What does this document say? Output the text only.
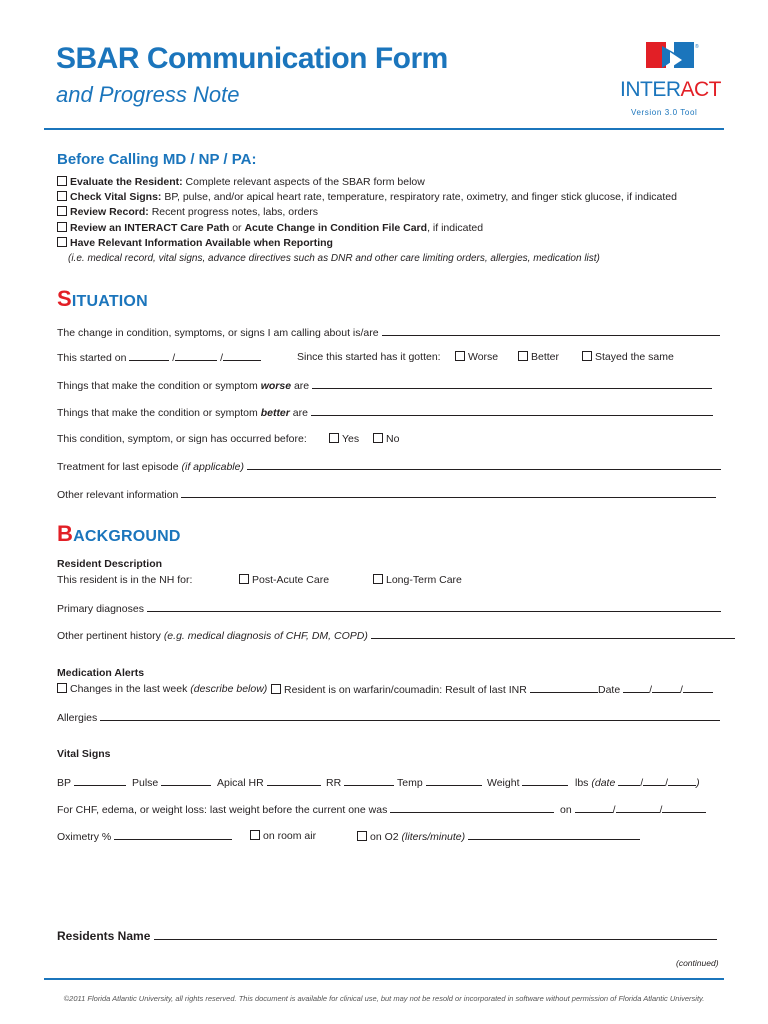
SBAR Communication Form
and Progress Note
®
INTERACT
Version 3.0 Tool
Before Calling MD / NP / PA:
Evaluate the Resident: Complete relevant aspects of the SBAR form below
Check Vital Signs: BP, pulse, and/or apical heart rate, temperature, respiratory rate, oximetry, and finger stick glucose, if indicated
Review Record: Recent progress notes, labs, orders
Review an INTERACT Care Path or Acute Change in Condition File Card, if indicated
Have Relevant Information Available when Reporting
(i.e. medical record, vital signs, advance directives such as DNR and other care limiting orders, allergies, medication list)
SITUATION
The change in condition, symptoms, or signs I am calling about is/are
This started on	/	/	Since this started has it gotten:	Worse	Better	Stayed the same
Things that make the condition or symptom worse are
Things that make the condition or symptom better are
This condition, symptom, or sign has occurred before:	Yes	No
Treatment for last episode (if applicable)
Other relevant information
BACKGROUND
Resident Description
This resident is in the NH for:	Post-Acute Care	Long-Term Care
Primary diagnoses
Other pertinent history (e.g. medical diagnosis of CHF, DM, COPD)
Medication Alerts
Changes in the last week (describe below)	Resident is on warfarin/coumadin: Result of last INR	Date	/	/
Allergies
Vital Signs
BP	Pulse	Apical HR	RR	Temp	Weight	lbs (date / /	)
For CHF, edema, or weight loss: last weight before the current one was	on	/	/
Oximetry %	on room air	on O2 (liters/minute)
Residents Name
(continued)
©2011 Florida Atlantic University, all rights reserved. This document is available for clinical use, but may not be resold or incorporated in software without permission of Florida Atlantic University.
